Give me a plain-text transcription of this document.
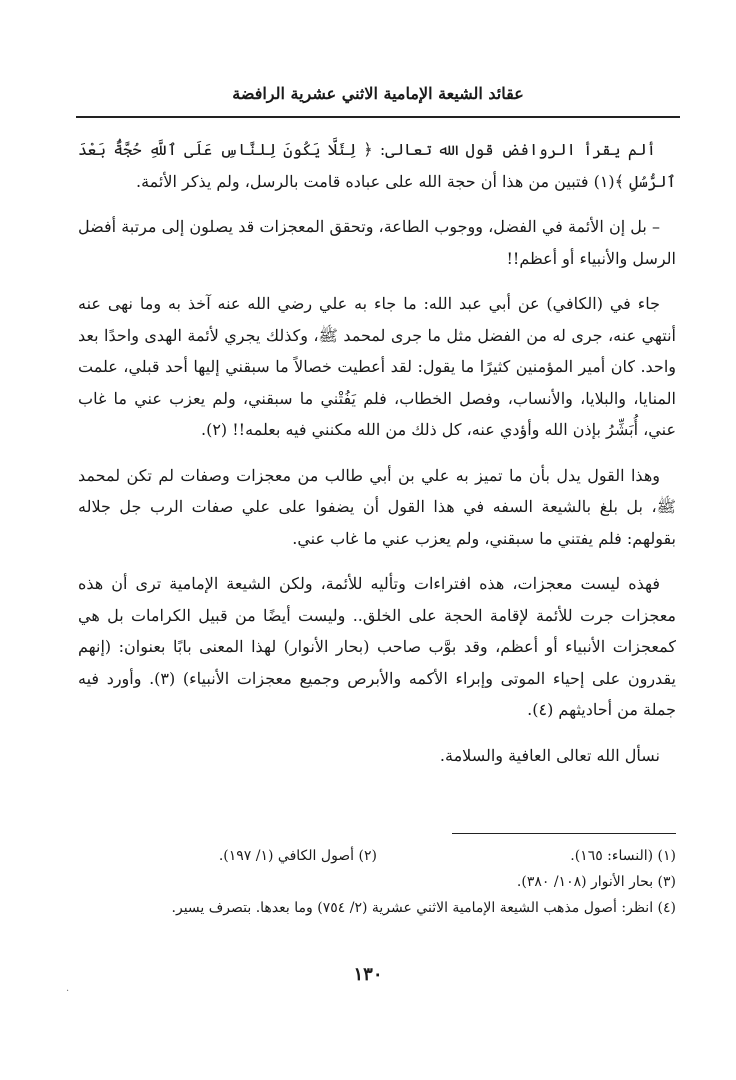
عقائد الشيعة الإمامية الاثني عشرية الرافضة

ألم يقرأ الروافض قول الله تعالى: ﴿ لِئَلَّا يَكُونَ لِلنَّاسِ عَلَى ٱللَّهِ حُجَّةٌۢ بَعْدَ ٱلرُّسُلِ ﴾(١) فتبين من هذا أن حجة الله على عباده قامت بالرسل، ولم يذكر الأئمة.

– بل إن الأئمة في الفضل، ووجوب الطاعة، وتحقق المعجزات قد يصلون إلى مرتبة أفضل الرسل والأنبياء أو أعظم!!

جاء في (الكافي) عن أبي عبد الله: ما جاء به علي رضي الله عنه آخذ به وما نهى عنه أنتهي عنه، جرى له من الفضل مثل ما جرى لمحمد ﷺ، وكذلك يجري لأئمة الهدى واحدًا بعد واحد. كان أمير المؤمنين كثيرًا ما يقول: لقد أعطيت خصالاً ما سبقني إليها أحد قبلي، علمت المنايا، والبلايا، والأنساب، وفصل الخطاب، فلم يَفُتْني ما سبقني، ولم يعزب عني ما غاب عني، أُبَشِّرُ بإذن الله وأؤدي عنه، كل ذلك من الله مكنني فيه بعلمه!! (٢).

وهذا القول يدل بأن ما تميز به علي بن أبي طالب من معجزات وصفات لم تكن لمحمد ﷺ، بل بلغ بالشيعة السفه في هذا القول أن يضفوا على علي صفات الرب جل جلاله بقولهم: فلم يفتني ما سبقني، ولم يعزب عني ما غاب عني.

فهذه ليست معجزات، هذه افتراءات وتأليه للأئمة، ولكن الشيعة الإمامية ترى أن هذه معجزات جرت للأئمة لإقامة الحجة على الخلق.. وليست أيضًا من قبيل الكرامات بل هي كمعجزات الأنبياء أو أعظم، وقد بوَّب صاحب (بحار الأنوار) لهذا المعنى بابًا بعنوان: (إنهم يقدرون على إحياء الموتى وإبراء الأكمه والأبرص وجميع معجزات الأنبياء) (٣). وأورد فيه جملة من أحاديثهم (٤).

نسأل الله تعالى العافية والسلامة.

(١) (النساء: ١٦٥).
(٢) أصول الكافي (١/ ١٩٧).
(٣) بحار الأنوار (١٠٨/ ٣٨٠).
(٤) انظر: أصول مذهب الشيعة الإمامية الاثني عشرية (٢/ ٧٥٤) وما بعدها. بتصرف يسير.
١٣٠
·
